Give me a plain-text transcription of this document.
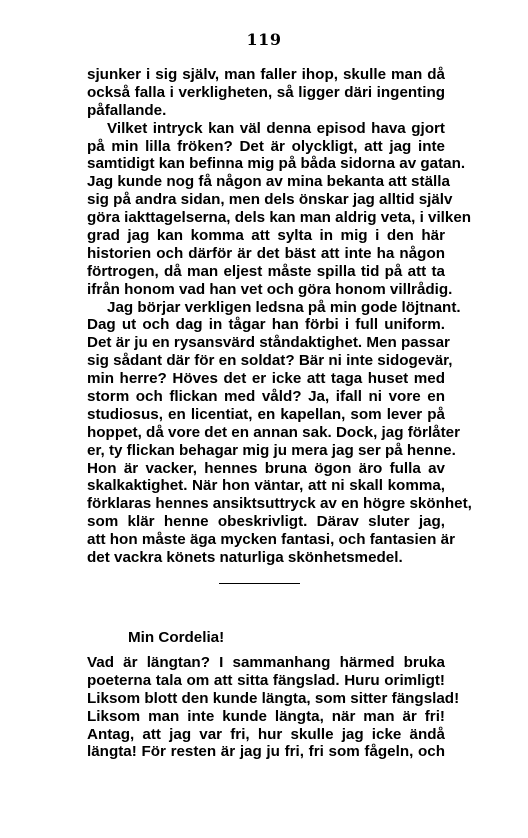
119
sjunker i sig själv, man faller ihop, skulle man då
också falla i verkligheten, så ligger däri ingenting
påfallande.
Vilket intryck kan väl denna episod hava gjort
på min lilla fröken? Det är olyckligt, att jag inte
samtidigt kan befinna mig på båda sidorna av gatan.
Jag kunde nog få någon av mina bekanta att ställa
sig på andra sidan, men dels önskar jag alltid själv
göra iakttagelserna, dels kan man aldrig veta, i vilken
grad jag kan komma att sylta in mig i den här
historien och därför är det bäst att inte ha någon
förtrogen, då man eljest måste spilla tid på att ta
ifrån honom vad han vet och göra honom villrådig.
Jag börjar verkligen ledsna på min gode löjtnant.
Dag ut och dag in tågar han förbi i full uniform.
Det är ju en rysansvärd ståndaktighet. Men passar
sig sådant där för en soldat? Bär ni inte sidogevär,
min herre? Höves det er icke att taga huset med
storm och flickan med våld? Ja, ifall ni vore en
studiosus, en licentiat, en kapellan, som lever på
hoppet, då vore det en annan sak. Dock, jag förlåter
er, ty flickan behagar mig ju mera jag ser på henne.
Hon är vacker, hennes bruna ögon äro fulla av
skalkaktighet. När hon väntar, att ni skall komma,
förklaras hennes ansiktsuttryck av en högre skönhet,
som klär henne obeskrivligt. Därav sluter jag,
att hon måste äga mycken fantasi, och fantasien är
det vackra könets naturliga skönhetsmedel.
Min Cordelia!
Vad är längtan? I sammanhang härmed bruka
poeterna tala om att sitta fängslad. Huru orimligt!
Liksom blott den kunde längta, som sitter fängslad!
Liksom man inte kunde längta, när man är fri!
Antag, att jag var fri, hur skulle jag icke ändå
längta! För resten är jag ju fri, fri som fågeln, och
